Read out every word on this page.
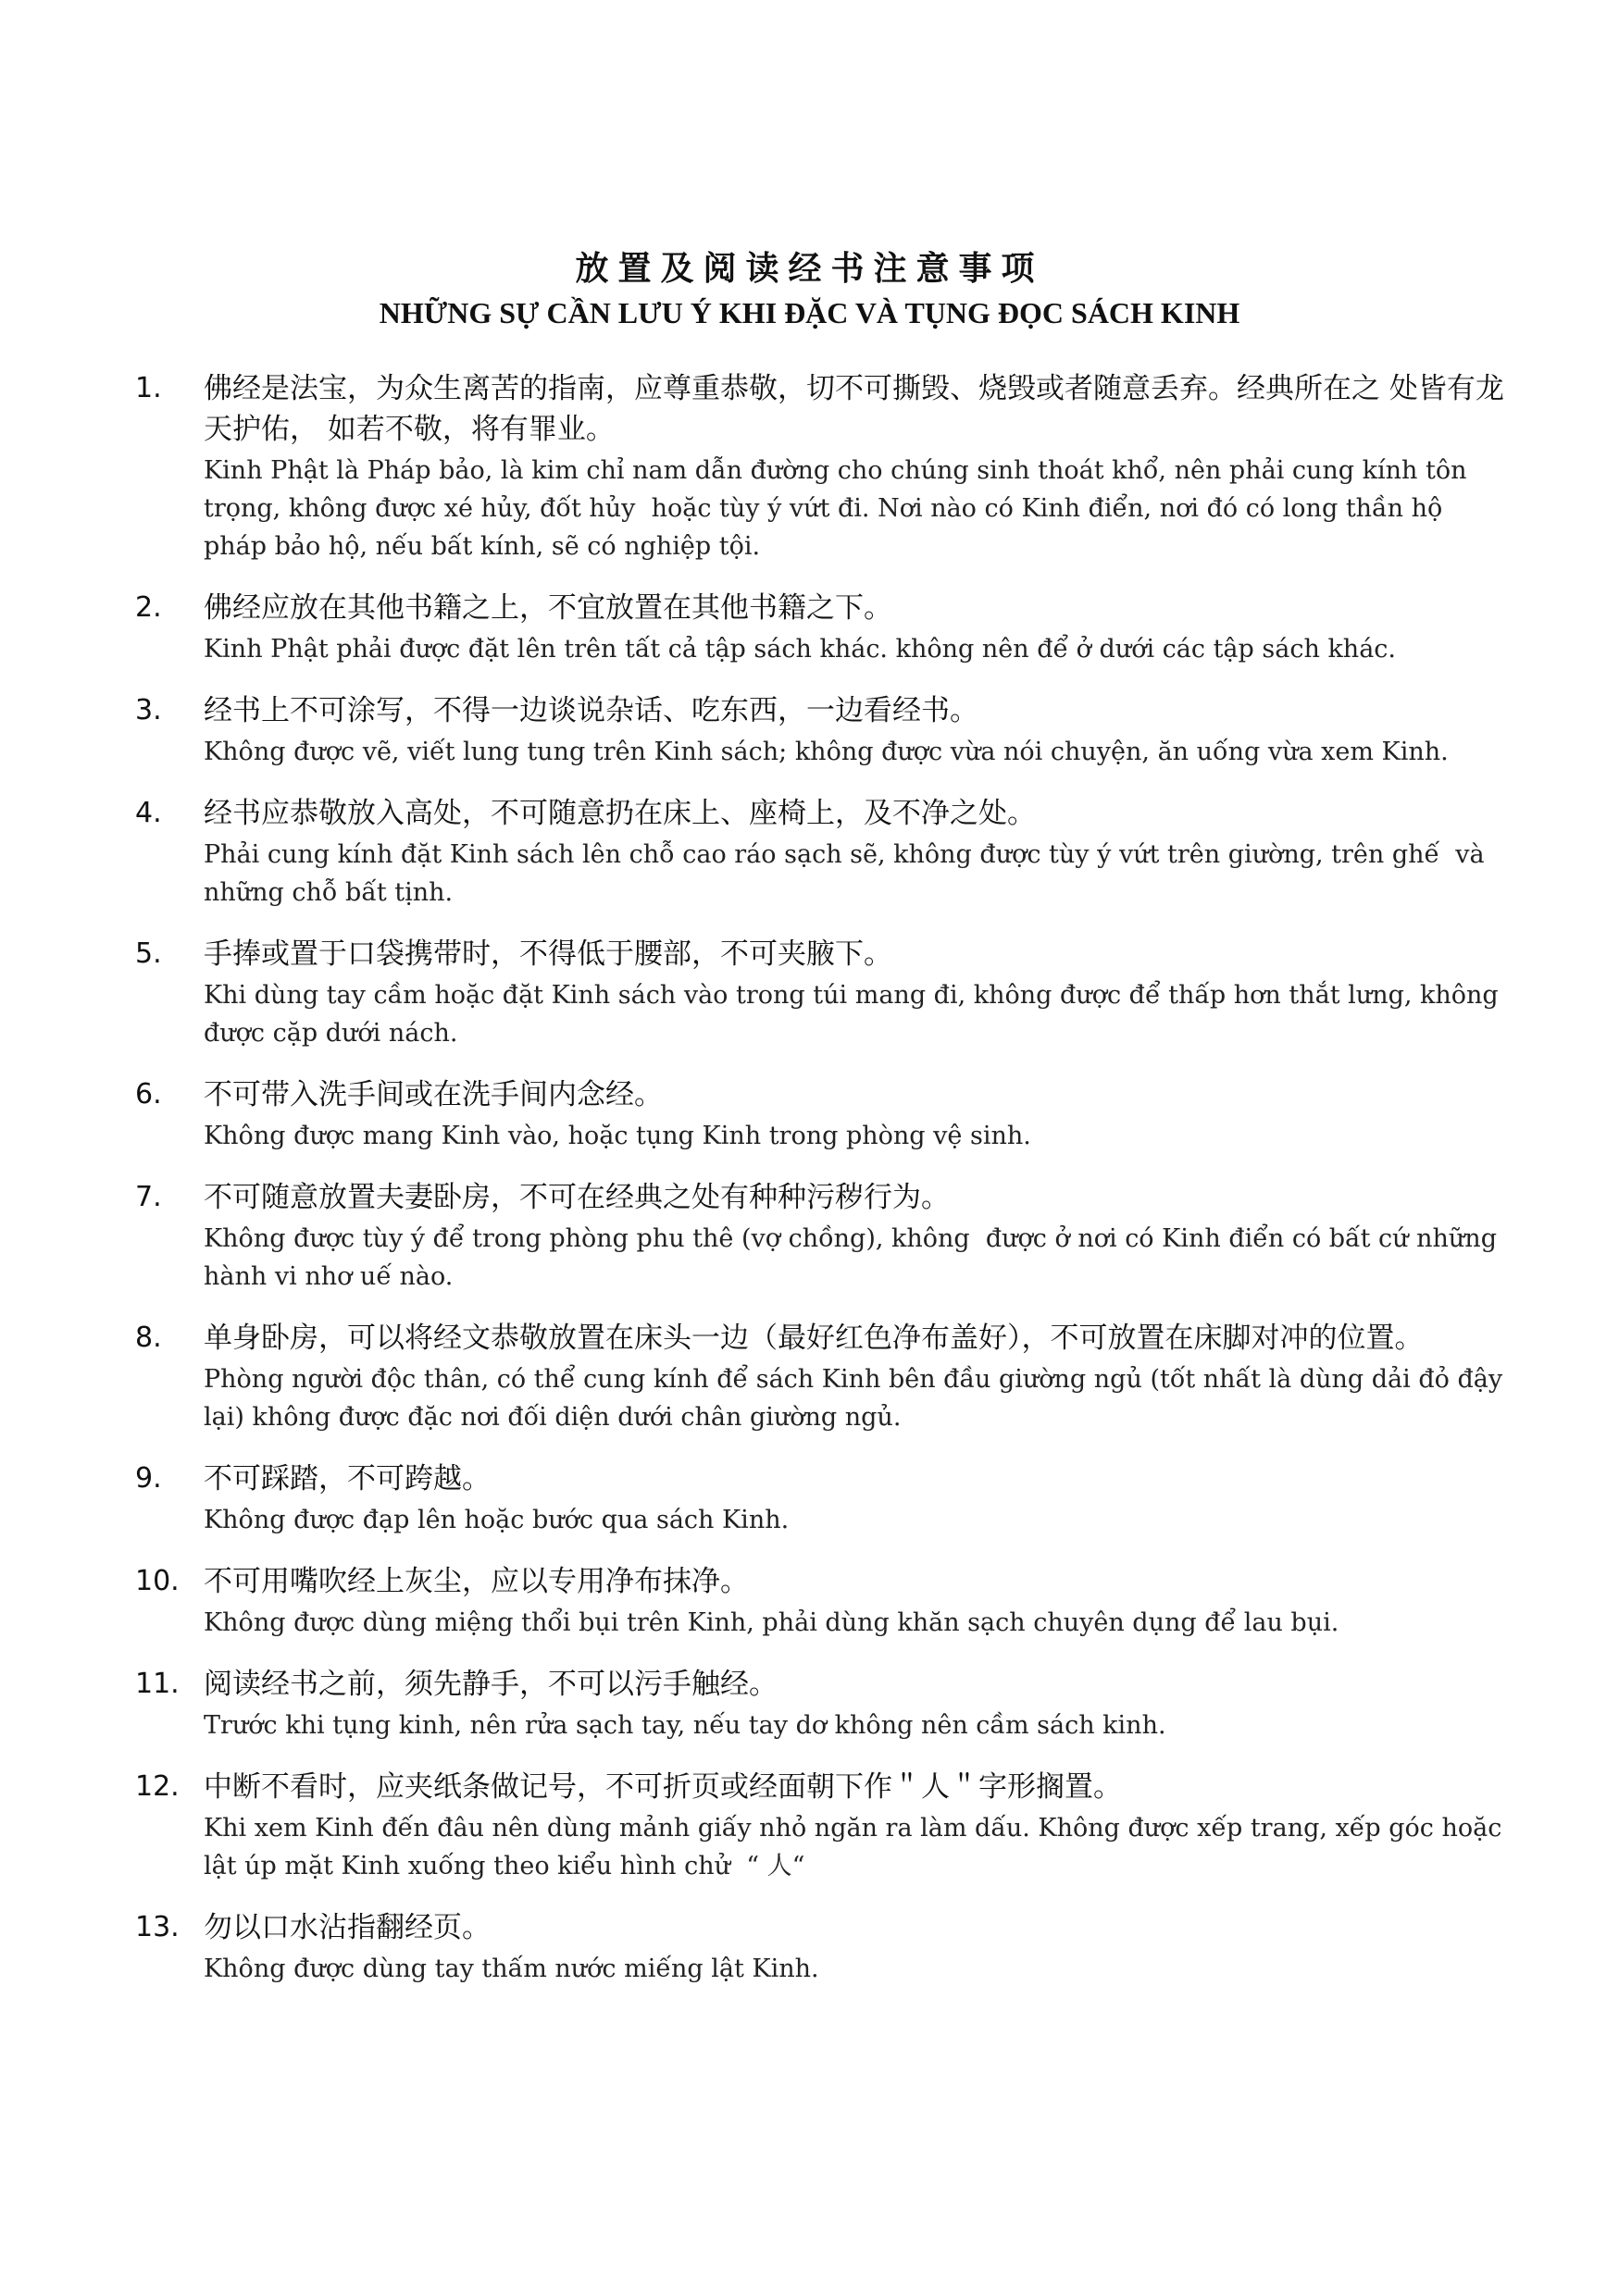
放置及阅读经书注意事项
NHỮNG SỰ CẦN LƯU Ý KHI ĐẶC VÀ TỤNG ĐỌC SÁCH KINH
1. 佛经是法宝，为众生离苦的指南，应尊重恭敬，切不可撕毁、烧毁或者随意丢弃。经典所在之 处皆有龙天护佑， 如若不敬，将有罪业。
Kinh Phật là Pháp bảo, là kim chỉ nam dẫn đường cho chúng sinh thoát khổ, nên phải cung kính tôn trọng, không được xé hủy, đốt hủy  hoặc tùy ý vứt đi. Nơi nào có Kinh điển, nơi đó có long thần hộ pháp bảo hộ, nếu bất kính, sẽ có nghiệp tội.
2. 佛经应放在其他书籍之上，不宜放置在其他书籍之下。
Kinh Phật phải được đặt lên trên tất cả tập sách khác. không nên để ở dưới các tập sách khác.
3. 经书上不可涂写，不得一边谈说杂话、吃东西，一边看经书。
Không được vẽ, viết lung tung trên Kinh sách; không được vừa nói chuyện, ăn uống vừa xem Kinh.
4. 经书应恭敬放入高处，不可随意扔在床上、座椅上，及不净之处。
Phải cung kính đặt Kinh sách lên chỗ cao ráo sạch sẽ, không được tùy ý vứt trên giường, trên ghế  và những chỗ bất tịnh.
5. 手捧或置于口袋携带时，不得低于腰部，不可夹腋下。
Khi dùng tay cầm hoặc đặt Kinh sách vào trong túi mang đi, không được để thấp hơn thắt lưng, không được cặp dưới nách.
6. 不可带入洗手间或在洗手间内念经。
Không được mang Kinh vào, hoặc tụng Kinh trong phòng vệ sinh.
7. 不可随意放置夫妻卧房，不可在经典之处有种种污秽行为。
Không được tùy ý để trong phòng phu thê (vợ chồng), không  được ở nơi có Kinh điển có bất cứ những hành vi nhơ uế nào.
8. 单身卧房，可以将经文恭敬放置在床头一边（最好红色净布盖好），不可放置在床脚对冲的位置。
Phòng người độc thân, có thể cung kính để sách Kinh bên đầu giường ngủ (tốt nhất là dùng dải đỏ đậy lại) không được đặc nơi đối diện dưới chân giường ngủ.
9. 不可踩踏，不可跨越。
Không được đạp lên hoặc bước qua sách Kinh.
10. 不可用嘴吹经上灰尘，应以专用净布抹净。
Không được dùng miệng thổi bụi trên Kinh, phải dùng khăn sạch chuyên dụng để lau bụi.
11. 阅读经书之前，须先静手，不可以污手触经。
Trước khi tụng kinh, nên rửa sạch tay, nếu tay dơ không nên cầm sách kinh.
12. 中断不看时，应夹纸条做记号，不可折页或经面朝下作＂人＂字形搁置。
Khi xem Kinh đến đâu nên dùng mảnh giấy nhỏ ngăn ra làm dấu. Không được xếp trang, xếp góc hoặc lật úp mặt Kinh xuống theo kiểu hình chử  “ 人“
13. 勿以口水沾指翻经页。
Không được dùng tay thấm nước miếng lật Kinh.
